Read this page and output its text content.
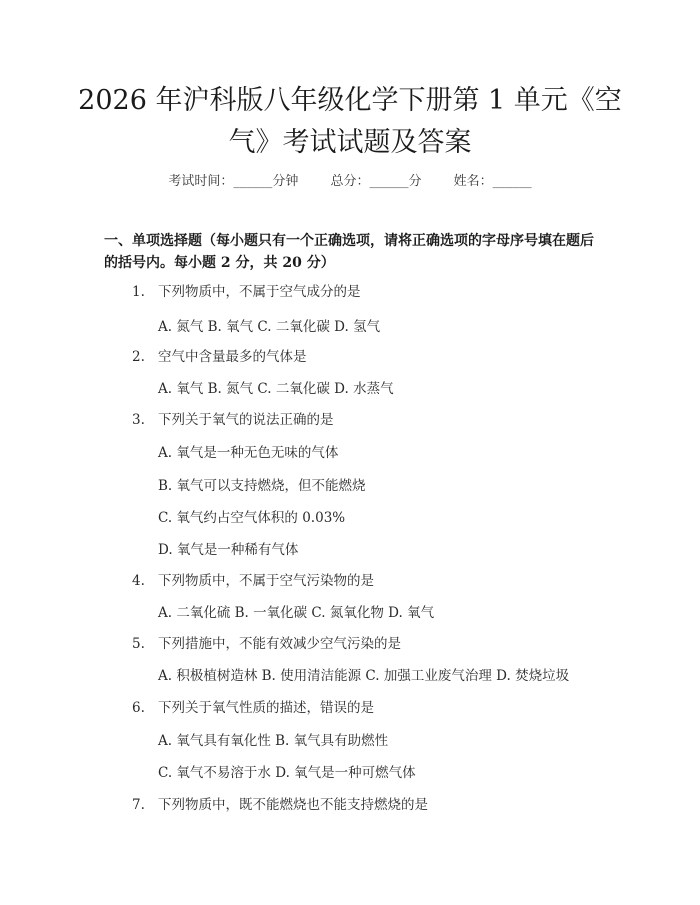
2026 年沪科版八年级化学下册第 1 单元《空
气》考试试题及答案
考试时间：______分钟 总分：______分 姓名：______
一、单项选择题（每小题只有一个正确选项，请将正确选项的字母序号填在题后
的括号内。每小题 2 分，共 20 分）
1. 下列物质中，不属于空气成分的是
A. 氮气 B. 氧气 C. 二氧化碳 D. 氢气
2. 空气中含量最多的气体是
A. 氧气 B. 氮气 C. 二氧化碳 D. 水蒸气
3. 下列关于氧气的说法正确的是
A. 氧气是一种无色无味的气体
B. 氧气可以支持燃烧，但不能燃烧
C. 氧气约占空气体积的 0.03%
D. 氧气是一种稀有气体
4. 下列物质中，不属于空气污染物的是
A. 二氧化硫 B. 一氧化碳 C. 氮氧化物 D. 氧气
5. 下列措施中，不能有效减少空气污染的是
A. 积极植树造林 B. 使用清洁能源 C. 加强工业废气治理 D. 焚烧垃圾
6. 下列关于氧气性质的描述，错误的是
A. 氧气具有氧化性 B. 氧气具有助燃性
C. 氧气不易溶于水 D. 氧气是一种可燃气体
7. 下列物质中，既不能燃烧也不能支持燃烧的是
